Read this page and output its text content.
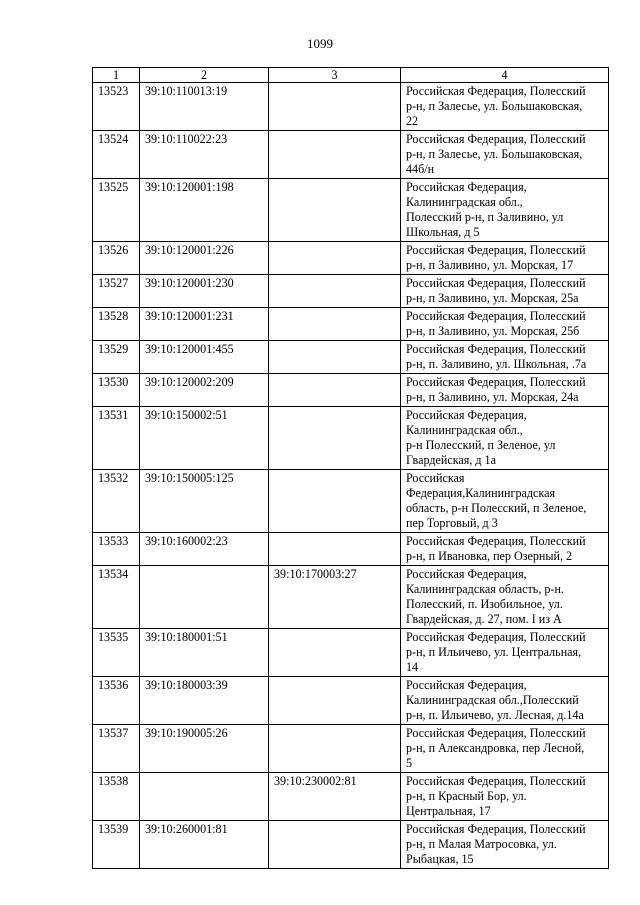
1099
1	2	3	4
13523	39:10:110013:19		Российская Федерация, Полесский
р-н, п Залесье, ул. Большаковская,
22
13524	39:10:110022:23		Российская Федерация, Полесский
р-н, п Залесье, ул. Большаковская,
44б/н
13525	39:10:120001:198		Российская Федерация,
Калининградская обл.,
Полесский р-н, п Заливино, ул
Школьная, д 5
13526	39:10:120001:226		Российская Федерация, Полесский
р-н, п Заливино, ул. Морская, 17
13527	39:10:120001:230		Российская Федерация, Полесский
р-н, п Заливино, ул. Морская, 25а
13528	39:10:120001:231		Российская Федерация, Полесский
р-н, п Заливино, ул. Морская, 25б
13529	39:10:120001:455		Российская Федерация, Полесский
р-н, п. Заливино, ул. Школьная, .7а
13530	39:10:120002:209		Российская Федерация, Полесский
р-н, п Заливино, ул. Морская, 24а
13531	39:10:150002:51		Российская Федерация,
Калининградская обл.,
р-н Полесский, п Зеленое, ул
Гвардейская, д 1а
13532	39:10:150005:125		Российская
Федерация,Калининградская
область, р-н Полесский, п Зеленое,
пер Торговый, д 3
13533	39:10:160002:23		Российская Федерация, Полесский
р-н, п Ивановка, пер Озерный, 2
13534		39:10:170003:27	Российская Федерация,
Калининградская область, р-н.
Полесский, п. Изобильное, ул.
Гвардейская, д. 27, пом. I из А
13535	39:10:180001:51		Российская Федерация, Полесский
р-н, п Ильичево, ул. Центральная,
14
13536	39:10:180003:39		Российская Федерация,
Калининградская обл.,Полесский
р-н, п. Ильичево, ул. Лесная, д.14а
13537	39:10:190005:26		Российская Федерация, Полесский
р-н, п Александровка, пер Лесной,
5
13538		39:10:230002:81	Российская Федерация, Полесский
р-н, п Красный Бор, ул.
Центральная, 17
13539	39:10:260001:81		Российская Федерация, Полесский
р-н, п Малая Матросовка, ул.
Рыбацкая, 15
